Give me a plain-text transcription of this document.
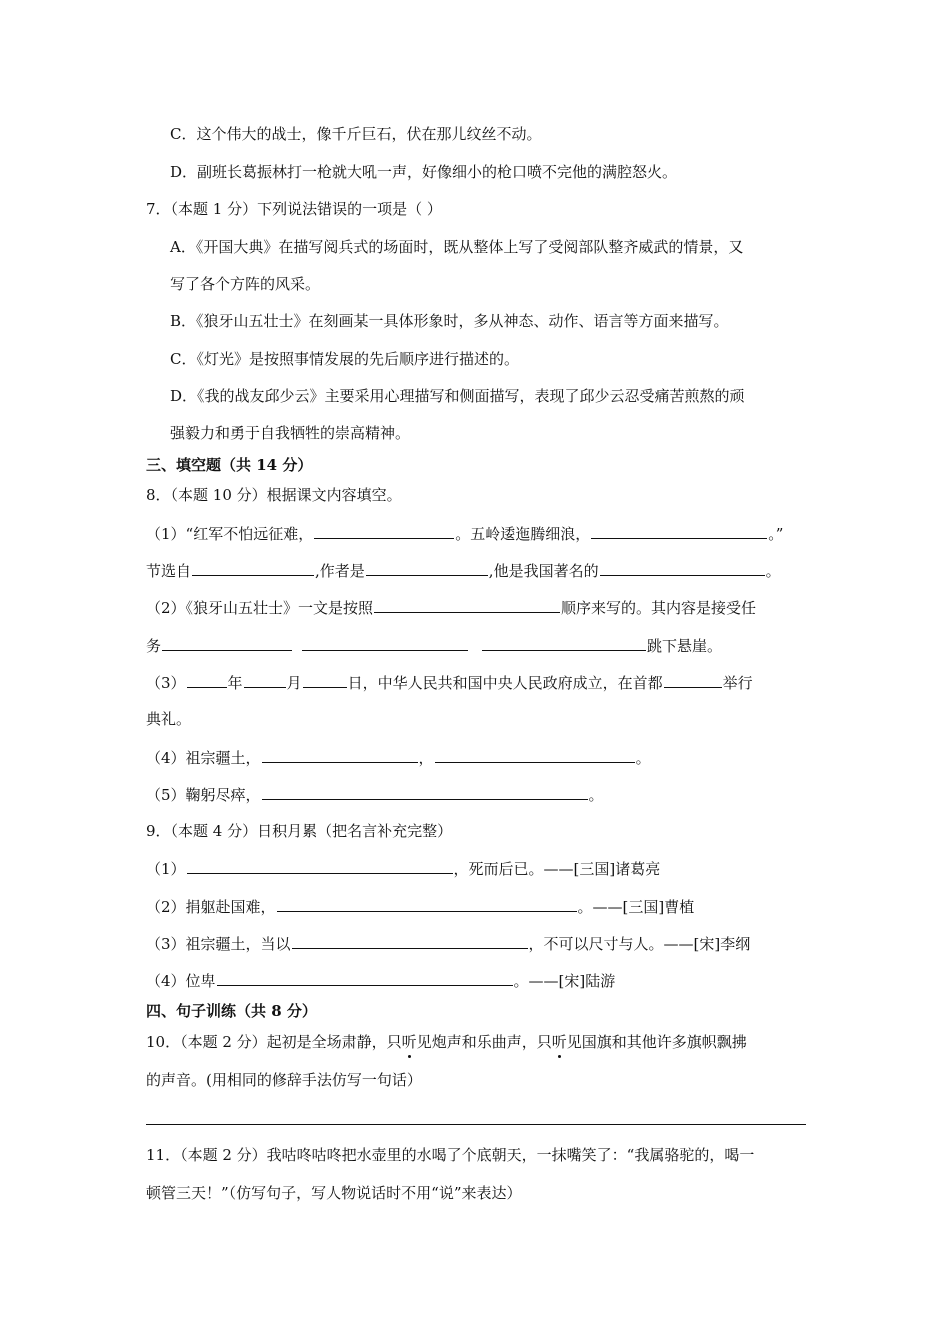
C．这个伟大的战士，像千斤巨石，伏在那儿纹丝不动。
D．副班长葛振林打一枪就大吼一声，好像细小的枪口喷不完他的满腔怒火。
7．（本题 1 分）下列说法错误的一项是（ ）
A．《开国大典》在描写阅兵式的场面时，既从整体上写了受阅部队整齐威武的情景，又
写了各个方阵的风采。
B．《狼牙山五壮士》在刻画某一具体形象时，多从神态、动作、语言等方面来描写。
C．《灯光》是按照事情发展的先后顺序进行描述的。
D．《我的战友邱少云》主要采用心理描写和侧面描写，表现了邱少云忍受痛苦煎熬的顽
强毅力和勇于自我牺牲的崇高精神。
三、填空题（共 14 分）
8．（本题 10 分）根据课文内容填空。
（1）“红军不怕远征难，	。五岭逶迤腾细浪，	。”
节选自	,作者是	,他是我国著名的	。
（2）《狼牙山五壮士》一文是按照	顺序来写的。其内容是接受任
务	跳下悬崖。
（3）	年	月	日，中华人民共和国中央人民政府成立，在首都	举行
典礼。
（4）祖宗疆土，	，	。
（5）鞠躬尽瘁，	。
9．（本题 4 分）日积月累（把名言补充完整）
（1）	，死而后已。——[三国]诸葛亮
（2）捐躯赴国难，	。——[三国]曹植
（3）祖宗疆土，当以	，不可以尺寸与人。——[宋]李纲
（4）位卑	。——[宋]陆游
四、句子训练（共 8 分）
10．（本题 2 分）起初是全场肃静，只听见炮声和乐曲声，只听见国旗和其他许多旗帜飘拂
的声音。(用相同的修辞手法仿写一句话）
11．（本题 2 分）我咕咚咕咚把水壶里的水喝了个底朝天，一抹嘴笑了：“我属骆驼的，喝一
顿管三天！”（仿写句子，写人物说话时不用“说”来表达）
